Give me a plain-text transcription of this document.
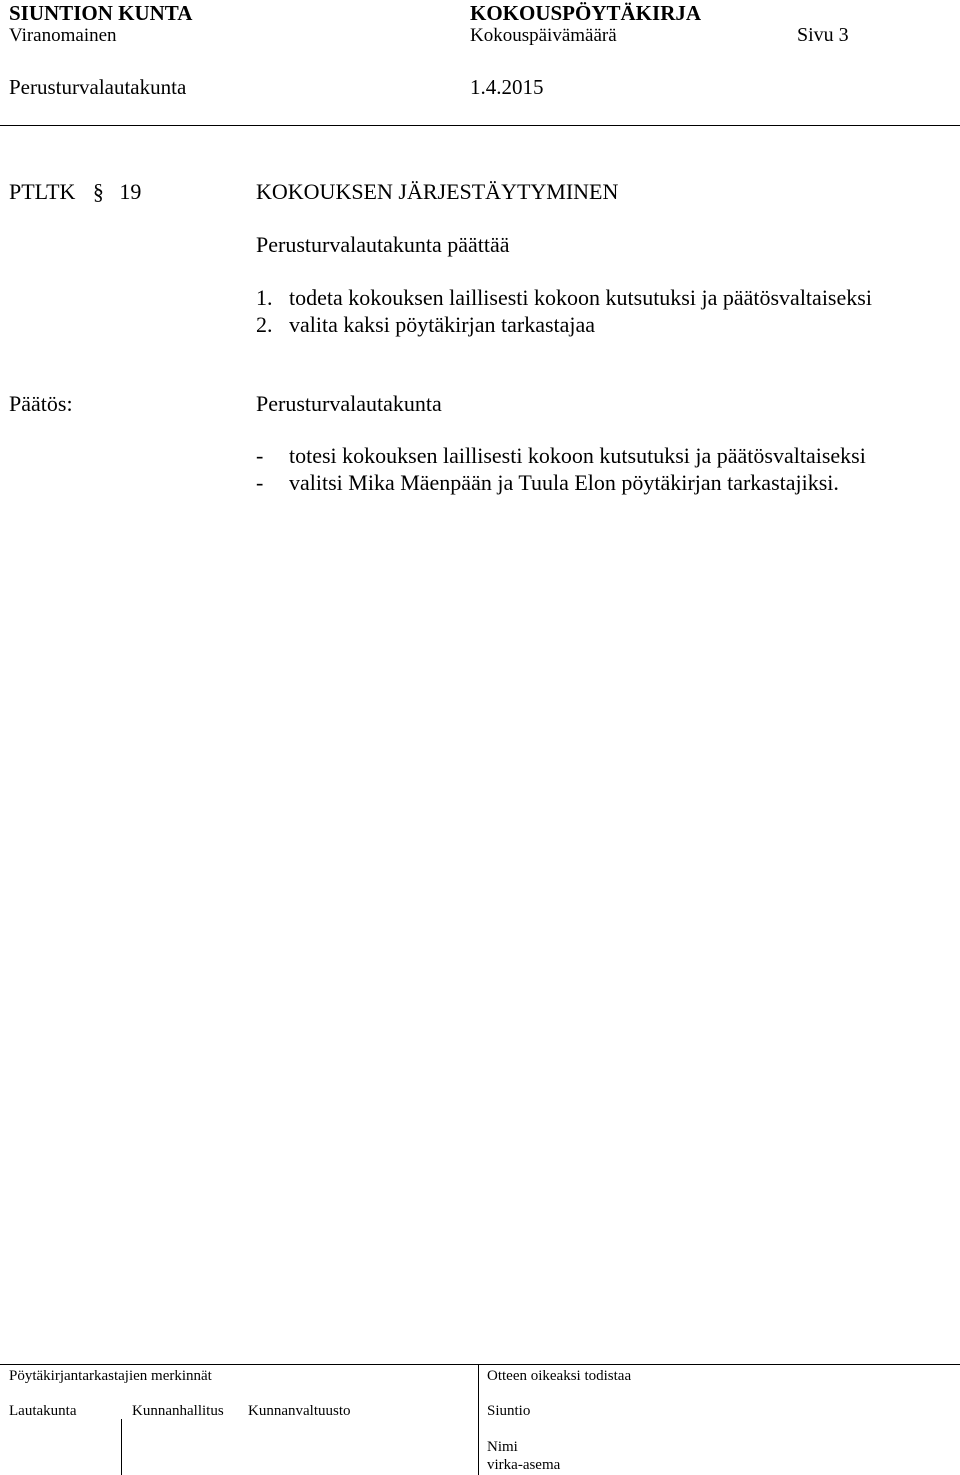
SIUNTION KUNTA	KOKOUSPÖYTÄKIRJA
Viranomainen	Kokouspäivämäärä	Sivu 3
Perusturvalautakunta	1.4.2015
PTLTK § 19	KOKOUKSEN JÄRJESTÄYTYMINEN
Perusturvalautakunta päättää
1. todeta kokouksen laillisesti kokoon kutsutuksi ja päätösvaltaiseksi
2. valita kaksi pöytäkirjan tarkastajaa
Päätös:	Perusturvalautakunta
- totesi kokouksen laillisesti kokoon kutsutuksi ja päätösvaltaiseksi
- valitsi Mika Mäenpään ja Tuula Elon pöytäkirjan tarkastajiksi.
Pöytäkirjantarkastajien merkinnät	Otteen oikeaksi todistaa
Lautakunta	Kunnanhallitus Kunnanvaltuusto	Siuntio
Nimi
virka-asema
